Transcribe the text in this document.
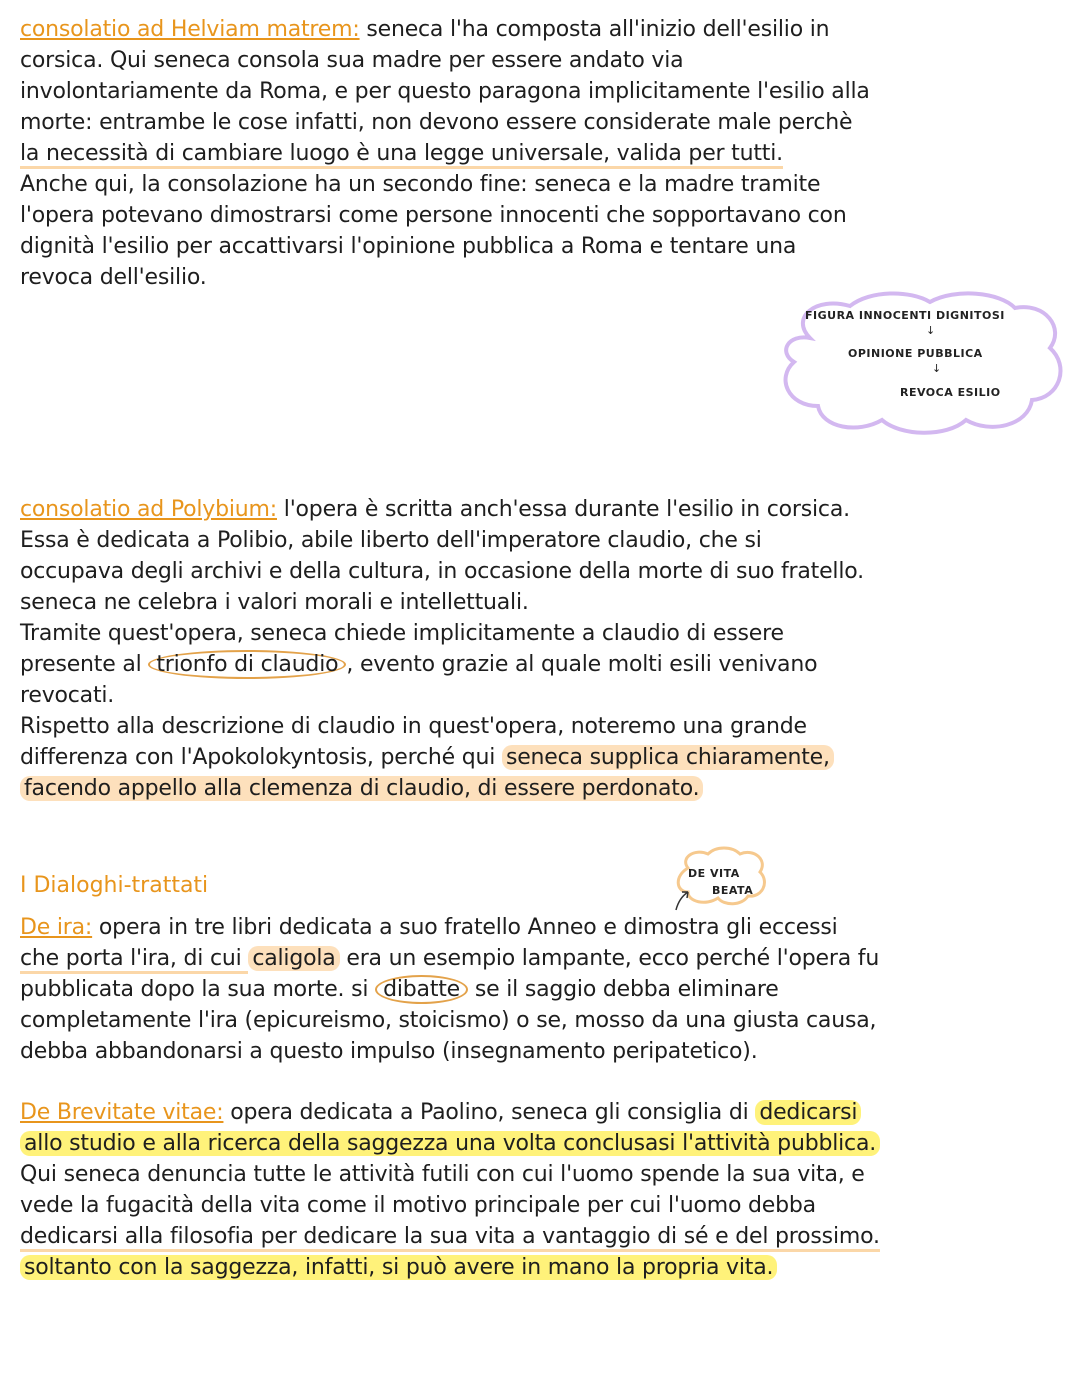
consolatio ad Helviam matrem: seneca l'ha composta all'inizio dell'esilio in
corsica. Qui seneca consola sua madre per essere andato via
involontariamente da Roma, e per questo paragona implicitamente l'esilio alla
morte: entrambe le cose infatti, non devono essere considerate male perchè
la necessità di cambiare luogo è una legge universale, valida per tutti.
Anche qui, la consolazione ha un secondo fine: seneca e la madre tramite
l'opera potevano dimostrarsi come persone innocenti che sopportavano con
dignità l'esilio per accattivarsi l'opinione pubblica a Roma e tentare una
revoca dell'esilio.
FIGURA INNOCENTI DIGNITOSI
↓
OPINIONE PUBBLICA
↓
REVOCA ESILIO
consolatio ad Polybium: l'opera è scritta anch'essa durante l'esilio in corsica.
Essa è dedicata a Polibio, abile liberto dell'imperatore claudio, che si
occupava degli archivi e della cultura, in occasione della morte di suo fratello.
seneca ne celebra i valori morali e intellettuali.
Tramite quest'opera, seneca chiede implicitamente a claudio di essere
presente al trionfo di claudio , evento grazie al quale molti esili venivano
revocati.
Rispetto alla descrizione di claudio in quest'opera, noteremo una grande
differenza con l'Apokolokyntosis, perché qui seneca supplica chiaramente,
facendo appello alla clemenza di claudio, di essere perdonato.
DE VITA
BEATA
I Dialoghi-trattati
De ira: opera in tre libri dedicata a suo fratello Anneo e dimostra gli eccessi
che porta l'ira, di cui caligola era un esempio lampante, ecco perché l'opera fu
pubblicata dopo la sua morte. si dibatte se il saggio debba eliminare
completamente l'ira (epicureismo, stoicismo) o se, mosso da una giusta causa,
debba abbandonarsi a questo impulso (insegnamento peripatetico).
De Brevitate vitae: opera dedicata a Paolino, seneca gli consiglia di dedicarsi
allo studio e alla ricerca della saggezza una volta conclusasi l'attività pubblica.
Qui seneca denuncia tutte le attività futili con cui l'uomo spende la sua vita, e
vede la fugacità della vita come il motivo principale per cui l'uomo debba
dedicarsi alla filosofia per dedicare la sua vita a vantaggio di sé e del prossimo.
soltanto con la saggezza, infatti, si può avere in mano la propria vita.
